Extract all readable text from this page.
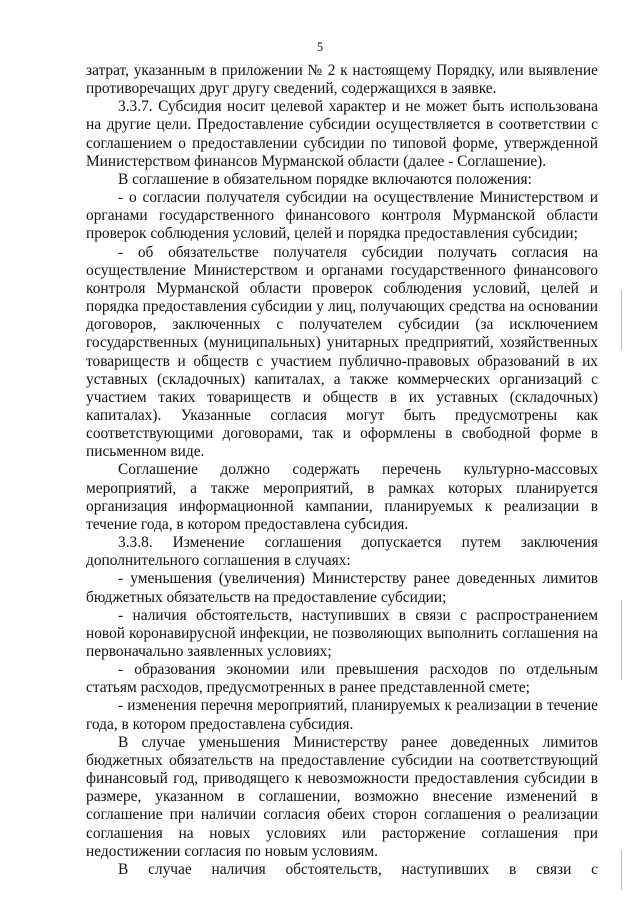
5

затрат, указанным в приложении № 2 к настоящему Порядку, или выявление противоречащих друг другу сведений, содержащихся в заявке.

3.3.7. Субсидия носит целевой характер и не может быть использована на другие цели. Предоставление субсидии осуществляется в соответствии с соглашением о предоставлении субсидии по типовой форме, утвержденной Министерством финансов Мурманской области (далее - Соглашение).

В соглашение в обязательном порядке включаются положения:

- о согласии получателя субсидии на осуществление Министерством и органами государственного финансового контроля Мурманской области проверок соблюдения условий, целей и порядка предоставления субсидии;

- об обязательстве получателя субсидии получать согласия на осуществление Министерством и органами государственного финансового контроля Мурманской области проверок соблюдения условий, целей и порядка предоставления субсидии у лиц, получающих средства на основании договоров, заключенных с получателем субсидии (за исключением государственных (муниципальных) унитарных предприятий, хозяйственных товариществ и обществ с участием публично-правовых образований в их уставных (складочных) капиталах, а также коммерческих организаций с участием таких товариществ и обществ в их уставных (складочных) капиталах). Указанные согласия могут быть предусмотрены как соответствующими договорами, так и оформлены в свободной форме в письменном виде.

Соглашение должно содержать перечень культурно-массовых мероприятий, а также мероприятий, в рамках которых планируется организация информационной кампании, планируемых к реализации в течение года, в котором предоставлена субсидия.

3.3.8. Изменение соглашения допускается путем заключения дополнительного соглашения в случаях:

- уменьшения (увеличения) Министерству ранее доведенных лимитов бюджетных обязательств на предоставление субсидии;

- наличия обстоятельств, наступивших в связи с распространением новой коронавирусной инфекции, не позволяющих выполнить соглашения на первоначально заявленных условиях;

- образования экономии или превышения расходов по отдельным статьям расходов, предусмотренных в ранее представленной смете;

- изменения перечня мероприятий, планируемых к реализации в течение года, в котором предоставлена субсидия.

В случае уменьшения Министерству ранее доведенных лимитов бюджетных обязательств на предоставление субсидии на соответствующий финансовый год, приводящего к невозможности предоставления субсидии в размере, указанном в соглашении, возможно внесение изменений в соглашение при наличии согласия обеих сторон соглашения о реализации соглашения на новых условиях или расторжение соглашения при недостижении согласия по новым условиям.

В случае наличия обстоятельств, наступивших в связи с
